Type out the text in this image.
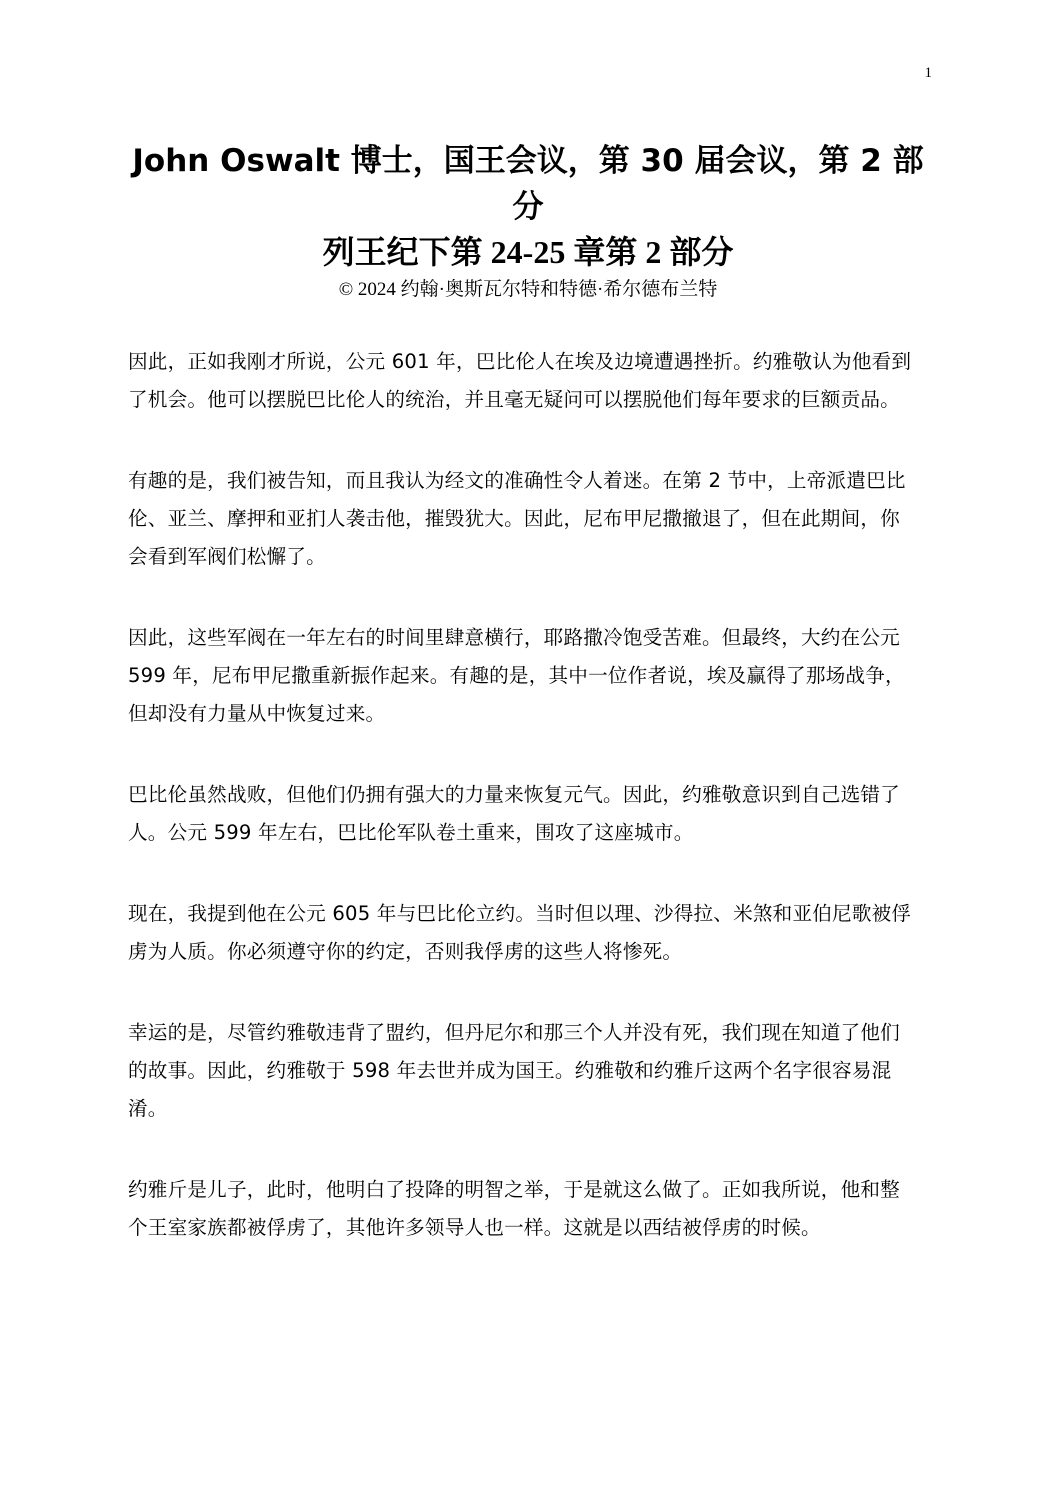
1
John Oswalt 博士，国王会议，第 30 届会议，第 2 部分
列王纪下第 24-25 章第 2 部分

© 2024 约翰·奥斯瓦尔特和特德·希尔德布兰特

因此，正如我刚才所说，公元 601 年，巴比伦人在埃及边境遭遇挫折。约雅敬认为他看到了机会。他可以摆脱巴比伦人的统治，并且毫无疑问可以摆脱他们每年要求的巨额贡品。

有趣的是，我们被告知，而且我认为经文的准确性令人着迷。在第 2 节中，上帝派遣巴比伦、亚兰、摩押和亚扪人袭击他，摧毁犹大。因此，尼布甲尼撒撤退了，但在此期间，你会看到军阀们松懈了。

因此，这些军阀在一年左右的时间里肆意横行，耶路撒冷饱受苦难。但最终，大约在公元 599 年，尼布甲尼撒重新振作起来。有趣的是，其中一位作者说，埃及赢得了那场战争，但却没有力量从中恢复过来。

巴比伦虽然战败，但他们仍拥有强大的力量来恢复元气。因此，约雅敬意识到自己选错了人。公元 599 年左右，巴比伦军队卷土重来，围攻了这座城市。

现在，我提到他在公元 605 年与巴比伦立约。当时但以理、沙得拉、米煞和亚伯尼歌被俘虏为人质。你必须遵守你的约定，否则我俘虏的这些人将惨死。

幸运的是，尽管约雅敬违背了盟约，但丹尼尔和那三个人并没有死，我们现在知道了他们的故事。因此，约雅敬于 598 年去世并成为国王。约雅敬和约雅斤这两个名字很容易混淆。

约雅斤是儿子，此时，他明白了投降的明智之举，于是就这么做了。正如我所说，他和整个王室家族都被俘虏了，其他许多领导人也一样。这就是以西结被俘虏的时候。
